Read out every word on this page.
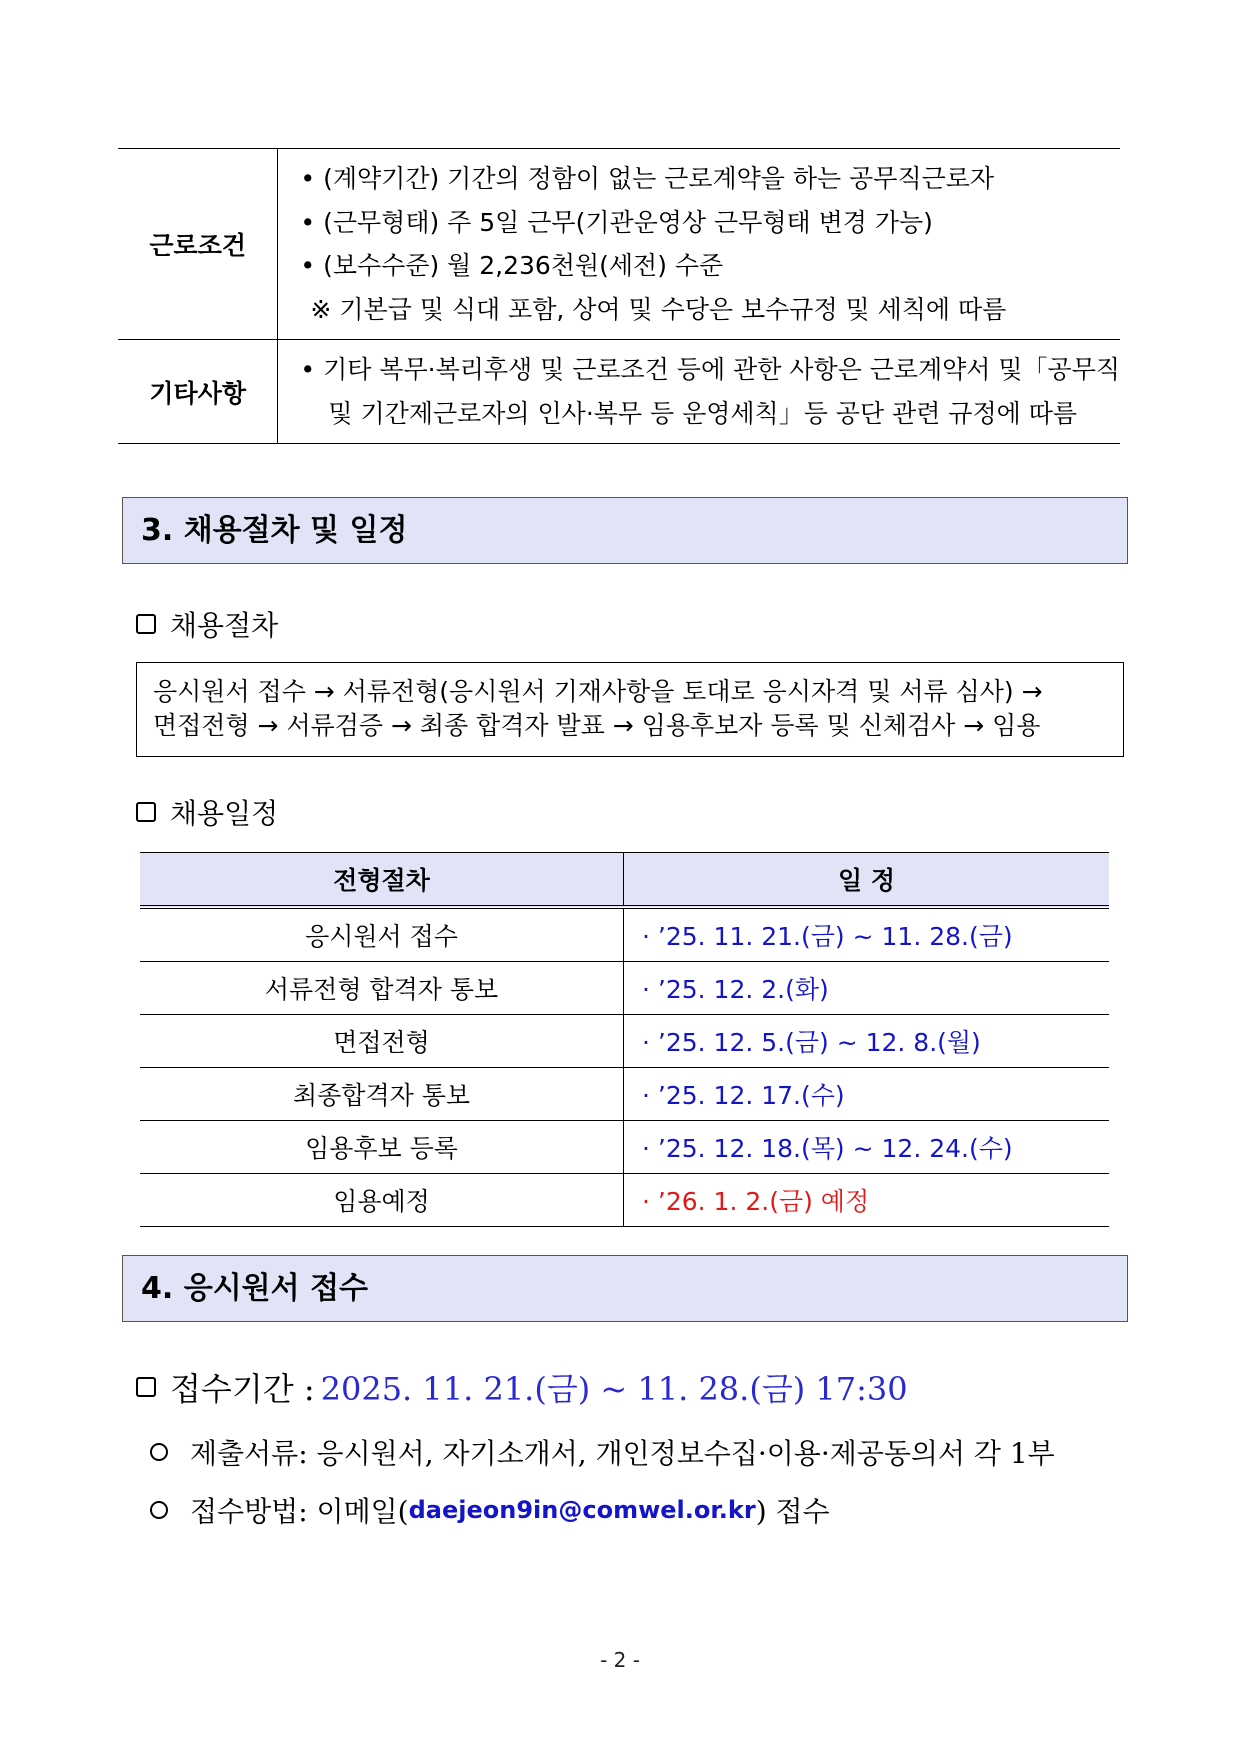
근로조건	• (계약기간) 기간의 정함이 없는 근로계약을 하는 공무직근로자
• (근무형태) 주 5일 근무(기관운영상 근무형태 변경 가능)
• (보수수준) 월 2,236천원(세전) 수준
※ 기본급 및 식대 포함, 상여 및 수당은 보수규정 및 세칙에 따름

기타사항	• 기타 복무·복리후생 및 근로조건 등에 관한 사항은 근로계약서 및「공무직
및 기간제근로자의 인사·복무 등 운영세칙」등 공단 관련 규정에 따름
3. 채용절차 및 일정
채용절차
응시원서 접수 → 서류전형(응시원서 기재사항을 토대로 응시자격 및 서류 심사) →
면접전형 → 서류검증 → 최종 합격자 발표 → 임용후보자 등록 및 신체검사 → 임용
채용일정
전형절차	일 정
응시원서 접수	· ’25. 11. 21.(금) ~ 11. 28.(금)
서류전형 합격자 통보	· ’25. 12. 2.(화)
면접전형	· ’25. 12. 5.(금) ~ 12. 8.(월)
최종합격자 통보	· ’25. 12. 17.(수)
임용후보 등록	· ’25. 12. 18.(목) ~ 12. 24.(수)
임용예정	· ’26. 1. 2.(금) 예정
4. 응시원서 접수
접수기간 : 2025. 11. 21.(금) ~ 11. 28.(금) 17:30
제출서류: 응시원서, 자기소개서, 개인정보수집·이용·제공동의서 각 1부
접수방법: 이메일( daejeon9in@comwel.or.kr ) 접수
- 2 -
